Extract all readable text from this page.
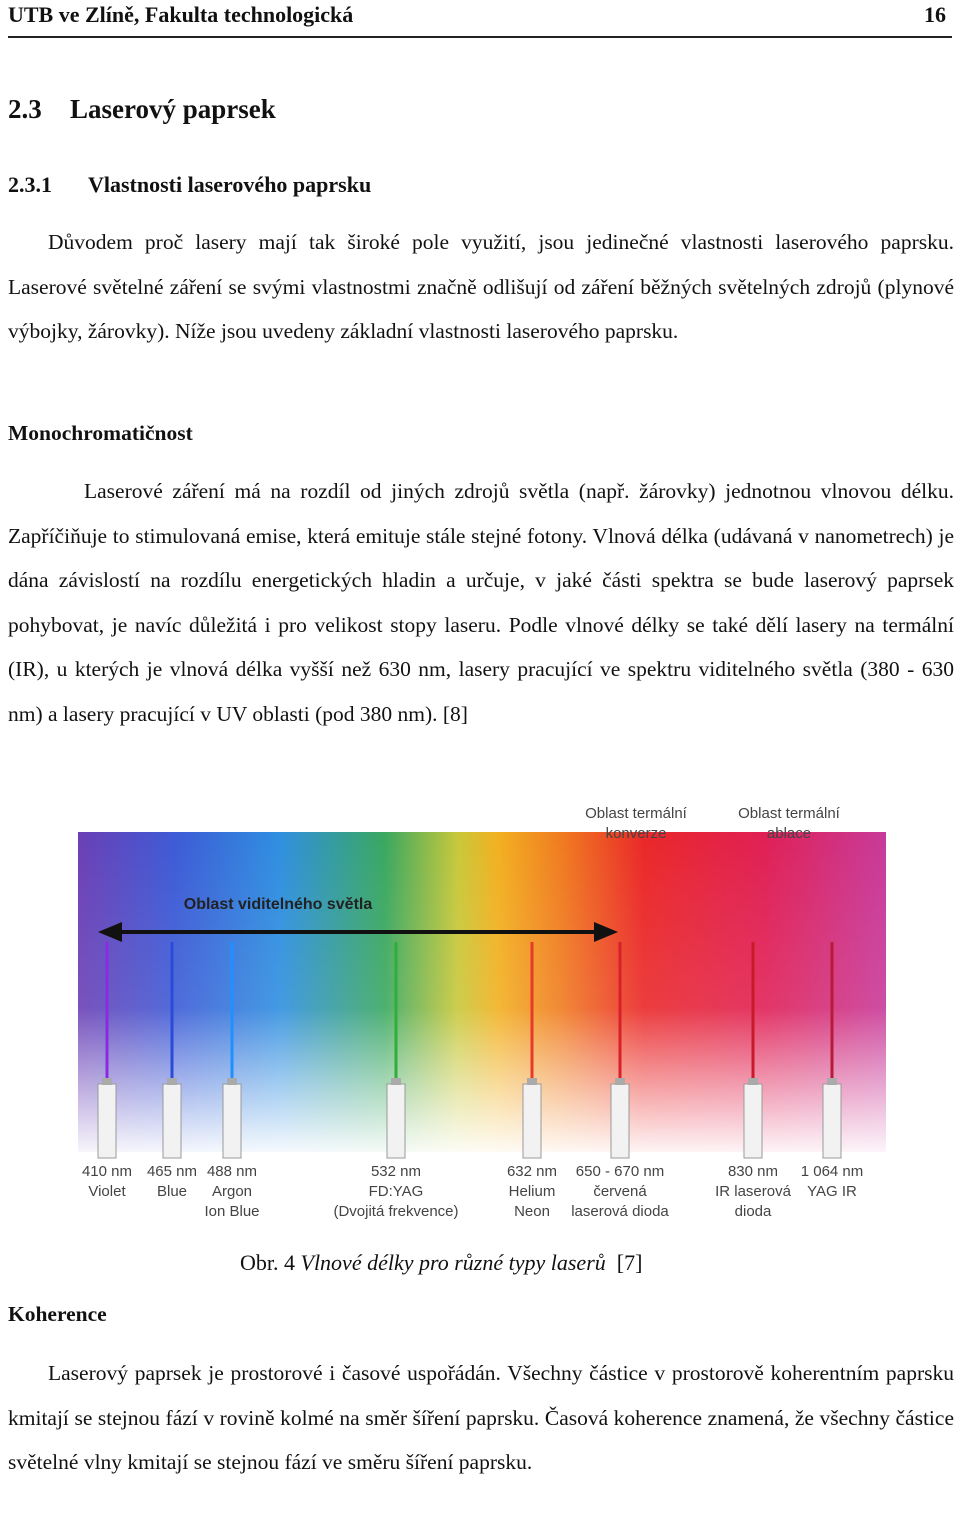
UTB ve Zlíně, Fakulta technologická	16
2.3 Laserový paprsek
2.3.1 Vlastnosti laserového paprsku
Důvodem proč lasery mají tak široké pole využití, jsou jedinečné vlastnosti laserového paprsku. Laserové světelné záření se svými vlastnostmi značně odlišují od záření běžných světelných zdrojů (plynové výbojky, žárovky). Níže jsou uvedeny základní vlastnosti laserového paprsku.
Monochromatičnost
Laserové záření má na rozdíl od jiných zdrojů světla (např. žárovky) jednotnou vlnovou délku. Zapříčiňuje to stimulovaná emise, která emituje stále stejné fotony. Vlnová délka (udávaná v nanometrech) je dána závislostí na rozdílu energetických hladin a určuje, v jaké části spektra se bude laserový paprsek pohybovat, je navíc důležitá i pro velikost stopy laseru. Podle vlnové délky se také dělí lasery na termální (IR), u kterých je vlnová délka vyšší než 630 nm, lasery pracující ve spektru viditelného světla (380 - 630 nm) a lasery pracující v UV oblasti (pod 380 nm). [8]
Oblast viditelného světla
Oblast termální
konverze
Oblast termální
ablace
410 nm
Violet
465 nm
Blue
488 nm
Argon
Ion Blue
532 nm
FD:YAG
(Dvojitá frekvence)
632 nm
Helium
Neon
650 - 670 nm
červená
laserová dioda
830 nm
IR laserová
dioda
1 064 nm
YAG IR
Obr. 4 Vlnové délky pro různé typy laserů [7]
Koherence
Laserový paprsek je prostorové i časové uspořádán. Všechny částice v prostorově koherentním paprsku kmitají se stejnou fází v rovině kolmé na směr šíření paprsku. Časová koherence znamená, že všechny částice světelné vlny kmitají se stejnou fází ve směru šíření paprsku.
